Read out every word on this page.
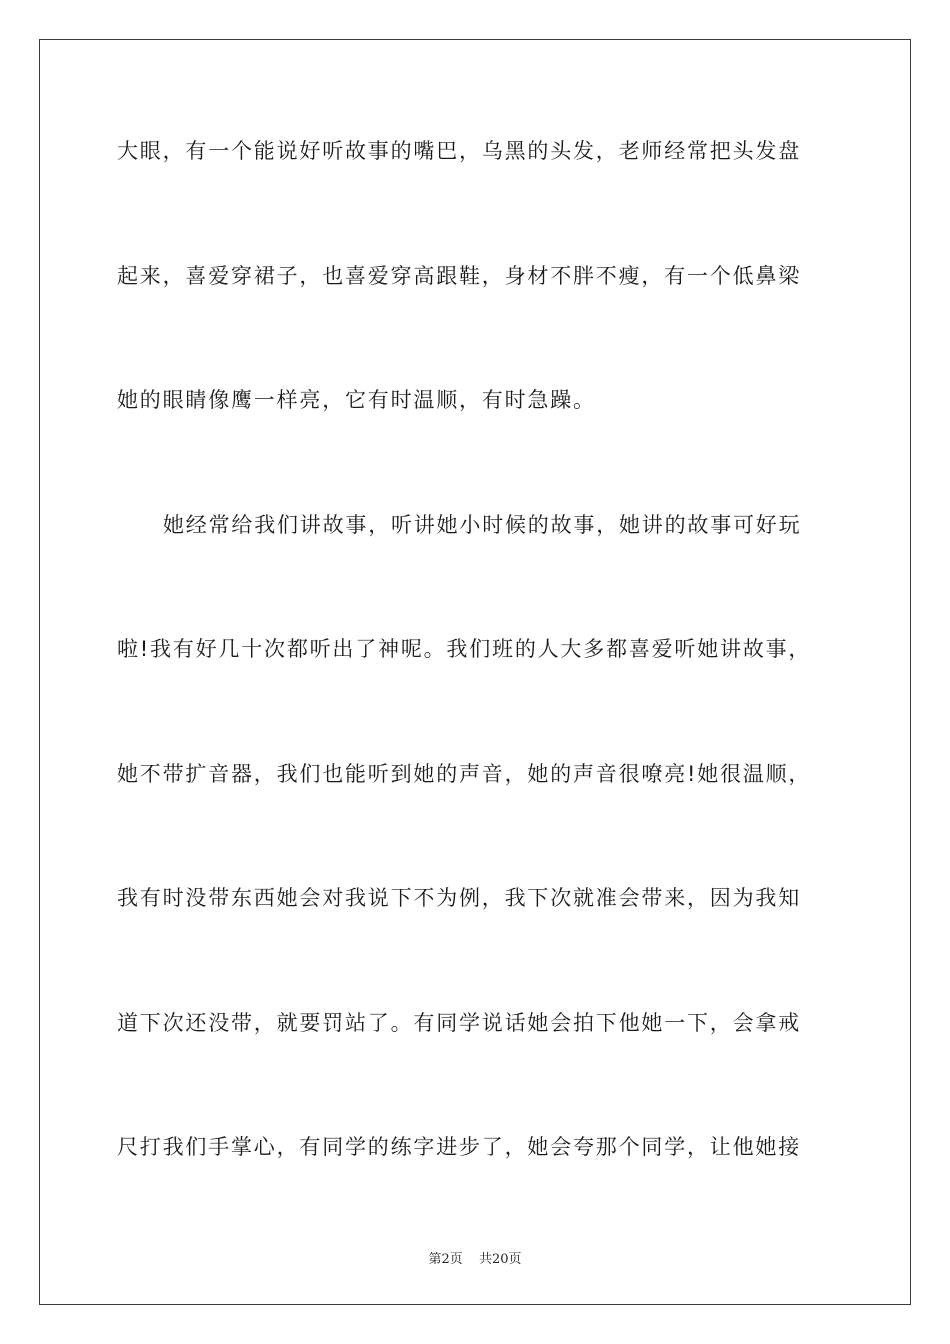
大眼，有一个能说好听故事的嘴巴，乌黑的头发，老师经常把头发盘
起来，喜爱穿裙子，也喜爱穿高跟鞋，身材不胖不瘦，有一个低鼻梁
她的眼睛像鹰一样亮，它有时温顺，有时急躁。
她经常给我们讲故事，听讲她小时候的故事，她讲的故事可好玩
啦!我有好几十次都听出了神呢。我们班的人大多都喜爱听她讲故事，
她不带扩音器，我们也能听到她的声音，她的声音很嘹亮!她很温顺，
我有时没带东西她会对我说下不为例，我下次就准会带来，因为我知
道下次还没带，就要罚站了。有同学说话她会拍下他她一下，会拿戒
尺打我们手掌心，有同学的练字进步了，她会夸那个同学，让他她接
第2页 共20页
